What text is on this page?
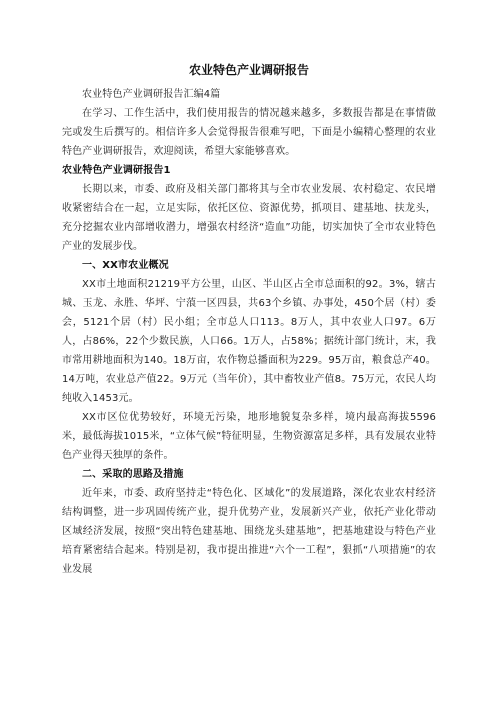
农业特色产业调研报告

农业特色产业调研报告汇编4篇

在学习、工作生活中，我们使用报告的情况越来越多，多数报告都是在事情做完或发生后撰写的。相信许多人会觉得报告很难写吧，下面是小编精心整理的农业特色产业调研报告，欢迎阅读，希望大家能够喜欢。

农业特色产业调研报告1

长期以来，市委、政府及相关部门都将其与全市农业发展、农村稳定、农民增收紧密结合在一起，立足实际，依托区位、资源优势，抓项目、建基地、扶龙头，充分挖掘农业内部增收潜力，增强农村经济“造血”功能，切实加快了全市农业特色产业的发展步伐。

一、XX市农业概况

XX市土地面积21219平方公里，山区、半山区占全市总面积的92。3%，辖古城、玉龙、永胜、华坪、宁蒗一区四县，共63个乡镇、办事处，450个居（村）委会，5121个居（村）民小组；全市总人口113。8万人，其中农业人口97。6万人，占86%，22个少数民族，人口66。1万人，占58%；据统计部门统计，末，我市常用耕地面积为140。18万亩，农作物总播面积为229。95万亩，粮食总产40。14万吨，农业总产值22。9万元（当年价），其中畜牧业产值8。75万元，农民人均纯收入1453元。

XX市区位优势较好，环境无污染，地形地貌复杂多样，境内最高海拔5596米，最低海拔1015米，“立体气候”特征明显，生物资源富足多样，具有发展农业特色产业得天独厚的条件。

二、采取的思路及措施

近年来，市委、政府坚持走“特色化、区域化”的发展道路，深化农业农村经济结构调整，进一步巩固传统产业，提升优势产业，发展新兴产业，依托产业化带动区域经济发展，按照“突出特色建基地、围绕龙头建基地”，把基地建设与特色产业培育紧密结合起来。特别是初，我市提出推进“六个一工程”，狠抓“八项措施”的农业发展
